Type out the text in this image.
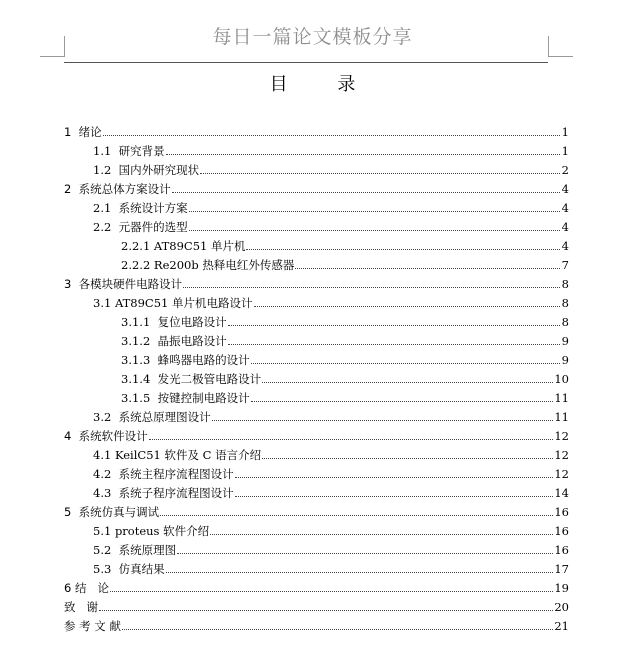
每日一篇论文模板分享
目 录
1  绪论	1
1.1  研究背景	1
1.2  国内外研究现状	2
2  系统总体方案设计	4
2.1  系统设计方案	4
2.2  元器件的选型	4
2.2.1 AT89C51 单片机	4
2.2.2 Re200b 热释电红外传感器	7
3  各模块硬件电路设计	8
3.1 AT89C51 单片机电路设计	8
3.1.1  复位电路设计	8
3.1.2  晶振电路设计	9
3.1.3  蜂鸣器电路的设计	9
3.1.4  发光二极管电路设计	10
3.1.5  按键控制电路设计	11
3.2  系统总原理图设计	11
4  系统软件设计	12
4.1 KeilC51 软件及 C 语言介绍	12
4.2  系统主程序流程图设计	12
4.3  系统子程序流程图设计	14
5  系统仿真与调试	16
5.1 proteus 软件介绍	16
5.2  系统原理图	16
5.3  仿真结果	17
6 结   论	19
致   谢	20
参 考 文 献	21
